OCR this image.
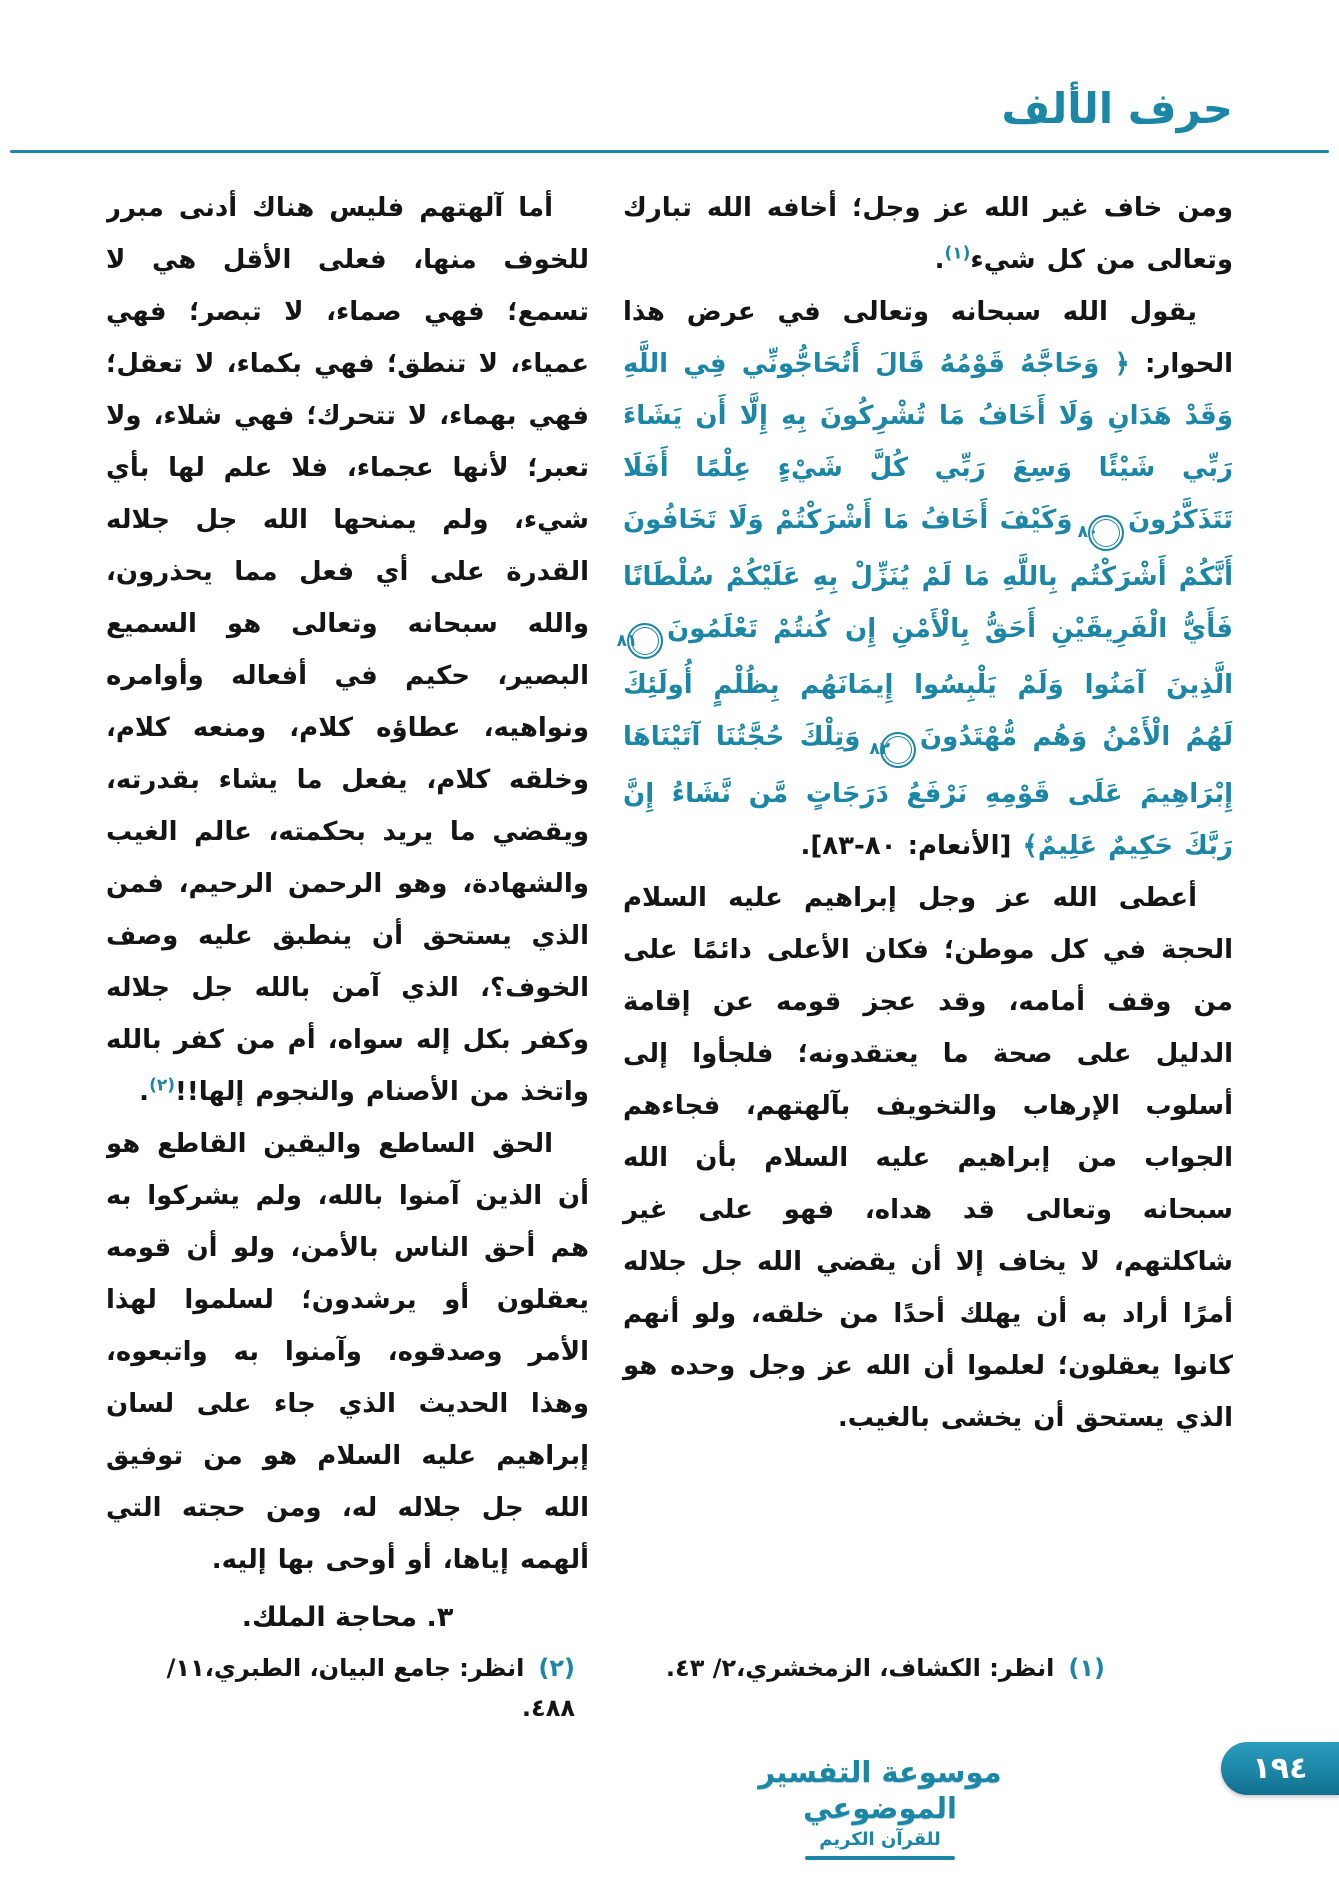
حرف الألف

ومن خاف غير الله عز وجل؛ أخافه الله تبارك وتعالى من كل شيء$^{(١)}$.

يقول الله سبحانه وتعالى في عرض هذا الحوار: ﴿ وَحَاجَّهُ قَوْمُهُ قَالَ أَتُحَاجُّونِّي فِي اللَّهِ وَقَدْ هَدَانِ وَلَا أَخَافُ مَا تُشْرِكُونَ بِهِ إِلَّا أَن يَشَاءَ رَبِّي شَيْئًا وَسِعَ رَبِّي كُلَّ شَيْءٍ عِلْمًا أَفَلَا تَتَذَكَّرُونَ٨٠ وَكَيْفَ أَخَافُ مَا أَشْرَكْتُمْ وَلَا تَخَافُونَ أَنَّكُمْ أَشْرَكْتُم بِاللَّهِ مَا لَمْ يُنَزِّلْ بِهِ عَلَيْكُمْ سُلْطَانًا فَأَيُّ الْفَرِيقَيْنِ أَحَقُّ بِالْأَمْنِ إِن كُنتُمْ تَعْلَمُونَ٨١ الَّذِينَ آمَنُوا وَلَمْ يَلْبِسُوا إِيمَانَهُم بِظُلْمٍ أُولَئِكَ لَهُمُ الْأَمْنُ وَهُم مُّهْتَدُونَ٨٢ وَتِلْكَ حُجَّتُنَا آتَيْنَاهَا إِبْرَاهِيمَ عَلَى قَوْمِهِ نَرْفَعُ دَرَجَاتٍ مَّن نَّشَاءُ إِنَّ رَبَّكَ حَكِيمٌ عَلِيمٌ﴾ [الأنعام: ٨٠-٨٣].

أعطى الله عز وجل إبراهيم عليه السلام الحجة في كل موطن؛ فكان الأعلى دائمًا على من وقف أمامه، وقد عجز قومه عن إقامة الدليل على صحة ما يعتقدونه؛ فلجأوا إلى أسلوب الإرهاب والتخويف بآلهتهم، فجاءهم الجواب من إبراهيم عليه السلام بأن الله سبحانه وتعالى قد هداه، فهو على غير شاكلتهم، لا يخاف إلا أن يقضي الله جل جلاله أمرًا أراد به أن يهلك أحدًا من خلقه، ولو أنهم كانوا يعقلون؛ لعلموا أن الله عز وجل وحده هو الذي يستحق أن يخشى بالغيب.

أما آلهتهم فليس هناك أدنى مبرر للخوف منها، فعلى الأقل هي لا تسمع؛ فهي صماء، لا تبصر؛ فهي عمياء، لا تنطق؛ فهي بكماء، لا تعقل؛ فهي بهماء، لا تتحرك؛ فهي شلاء، ولا تعبر؛ لأنها عجماء، فلا علم لها بأي شيء، ولم يمنحها الله جل جلاله القدرة على أي فعل مما يحذرون، والله سبحانه وتعالى هو السميع البصير، حكيم في أفعاله وأوامره ونواهيه، عطاؤه كلام، ومنعه كلام، وخلقه كلام، يفعل ما يشاء بقدرته، ويقضي ما يريد بحكمته، عالم الغيب والشهادة، وهو الرحمن الرحيم، فمن الذي يستحق أن ينطبق عليه وصف الخوف؟، الذي آمن بالله جل جلاله وكفر بكل إله سواه، أم من كفر بالله واتخذ من الأصنام والنجوم إلها!!$^{(٢)}$.

الحق الساطع واليقين القاطع هو أن الذين آمنوا بالله، ولم يشركوا به هم أحق الناس بالأمن، ولو أن قومه يعقلون أو يرشدون؛ لسلموا لهذا الأمر وصدقوه، وآمنوا به واتبعوه، وهذا الحديث الذي جاء على لسان إبراهيم عليه السلام هو من توفيق الله جل جلاله له، ومن حجته التي ألهمه إياها، أو أوحى بها إليه.

٣. محاجة الملك.

(١)انظر: الكشاف، الزمخشري،٢/ ٤٣.
(٢)انظر: جامع البيان، الطبري،١١/ ٤٨٨.
موسوعة التفسير الموضوعي
للقرآن الكريم
١٩٤
